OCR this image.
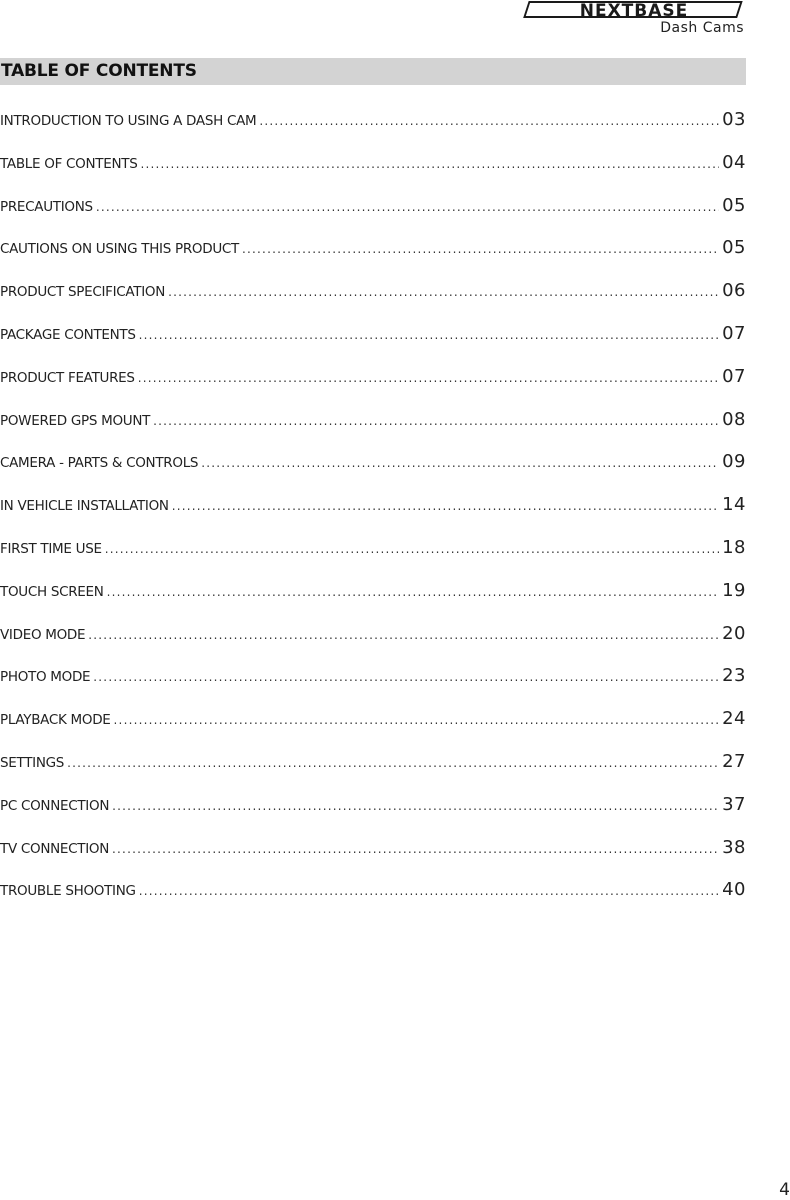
NEXTBASE
Dash Cams
TABLE OF CONTENTS
INTRODUCTION TO USING A DASH CAM .....	03
TABLE OF CONTENTS .....	04
PRECAUTIONS .....	05
CAUTIONS ON USING THIS PRODUCT .....	05
PRODUCT SPECIFICATION .....	06
PACKAGE CONTENTS .....	07
PRODUCT FEATURES .....	07
POWERED GPS MOUNT .....	08
CAMERA - PARTS & CONTROLS .....	09
IN VEHICLE INSTALLATION .....	14
FIRST TIME USE .....	18
TOUCH SCREEN .....	19
VIDEO MODE .....	20
PHOTO MODE .....	23
PLAYBACK MODE .....	24
SETTINGS .....	27
PC CONNECTION .....	37
TV CONNECTION .....	38
TROUBLE SHOOTING .....	40
4
